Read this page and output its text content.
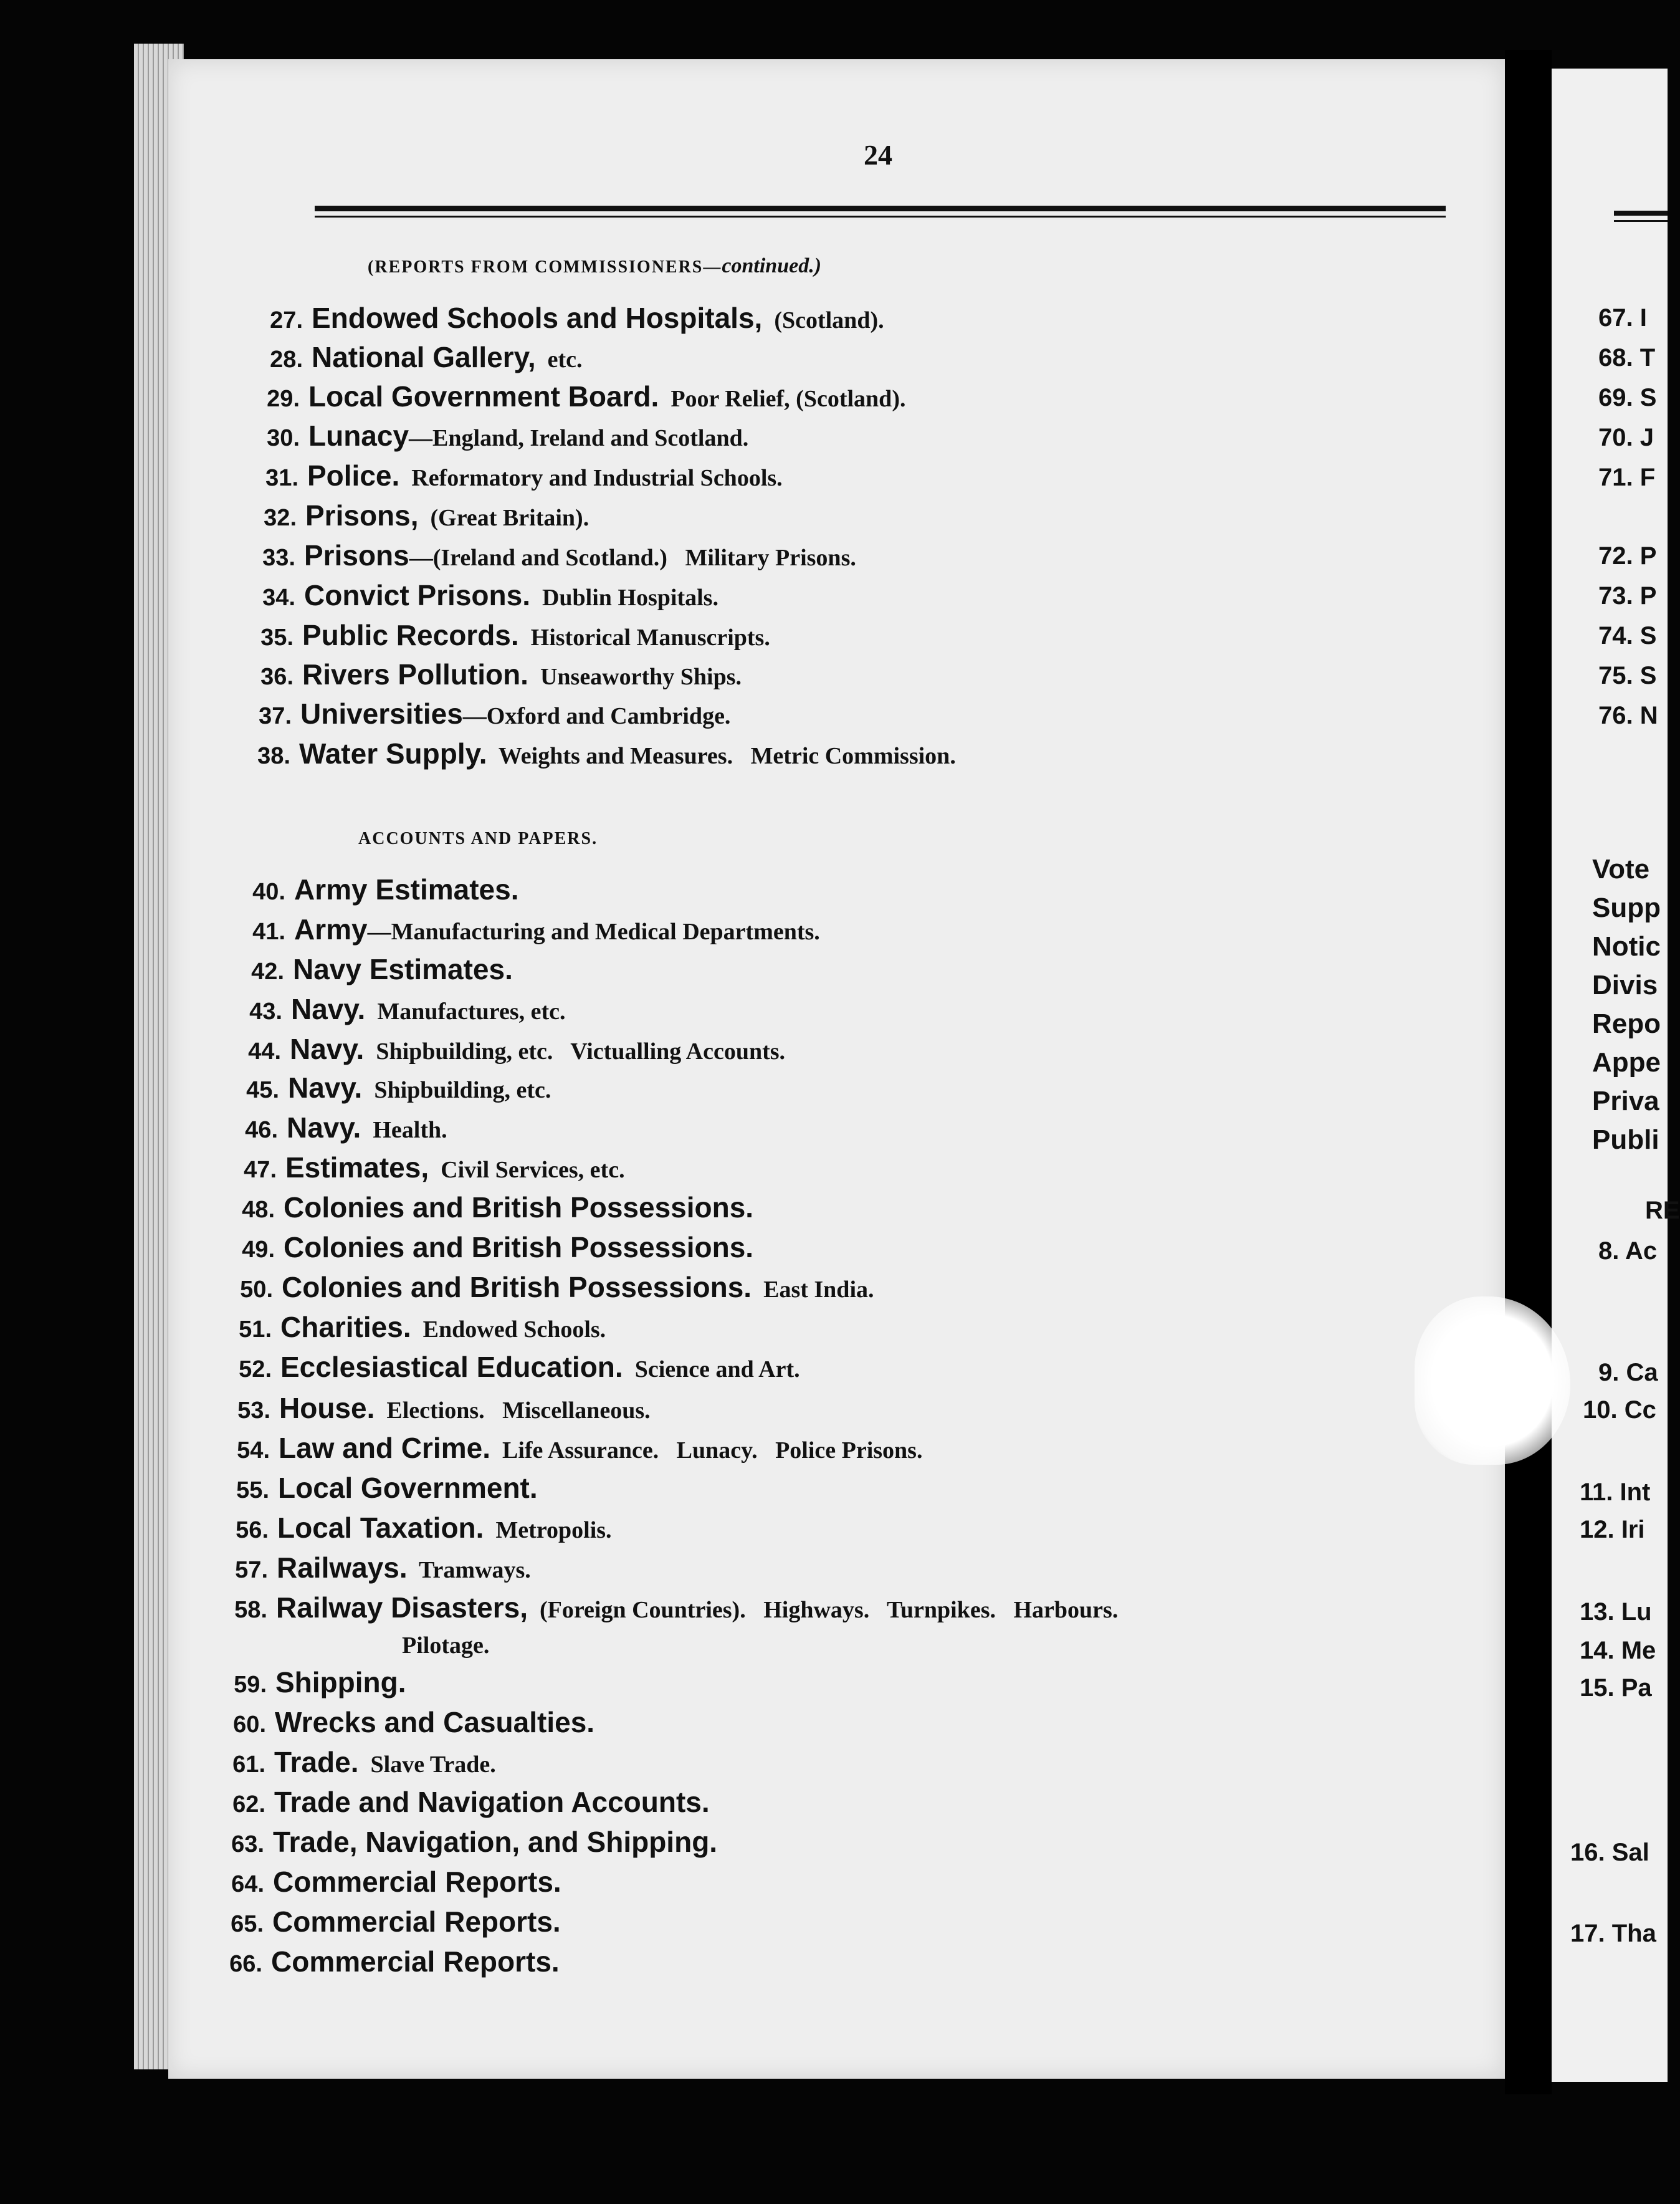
24
(REPORTS FROM COMMISSIONERS—continued.)
27. Endowed Schools and Hospitals,  (Scotland).
28. National Gallery,  etc.
29. Local Government Board.  Poor Relief, (Scotland).
30. Lunacy—England, Ireland and Scotland.
31. Police.  Reformatory and Industrial Schools.
32. Prisons,  (Great Britain).
33. Prisons—(Ireland and Scotland.)   Military Prisons.
34. Convict Prisons.  Dublin Hospitals.
35. Public Records.  Historical Manuscripts.
36. Rivers Pollution.  Unseaworthy Ships.
37. Universities—Oxford and Cambridge.
38. Water Supply.  Weights and Measures.   Metric Commission.
ACCOUNTS AND PAPERS.
40. Army Estimates.
41. Army—Manufacturing and Medical Departments.
42. Navy Estimates.
43. Navy.  Manufactures, etc.
44. Navy.  Shipbuilding, etc.   Victualling Accounts.
45. Navy.  Shipbuilding, etc.
46. Navy.  Health.
47. Estimates,  Civil Services, etc.
48. Colonies and British Possessions.
49. Colonies and British Possessions.
50. Colonies and British Possessions.  East India.
51. Charities.  Endowed Schools.
52. Ecclesiastical Education.  Science and Art.
53. House.  Elections.   Miscellaneous.
54. Law and Crime.  Life Assurance.   Lunacy.   Police Prisons.
55. Local Government.
56. Local Taxation.  Metropolis.
57. Railways.  Tramways.
58. Railway Disasters,  (Foreign Countries).   Highways.   Turnpikes.   Harbours.
59. Shipping.
60. Wrecks and Casualties.
61. Trade.  Slave Trade.
62. Trade and Navigation Accounts.
63. Trade, Navigation, and Shipping.
64. Commercial Reports.
65. Commercial Reports.
66. Commercial Reports.
Pilotage.
67. I
68. T
69. S
70. J
71. F
72. P
73. P
74. S
75. S
76. N
Vote
Supp
Notic
Divis
Repo
Appe
Priva
Publi
RE
8. Ac
9. Ca
10. Cc
11. Int
12. Iri
13. Lu
14. Me
15. Pa
16. Sal
17. Tha
